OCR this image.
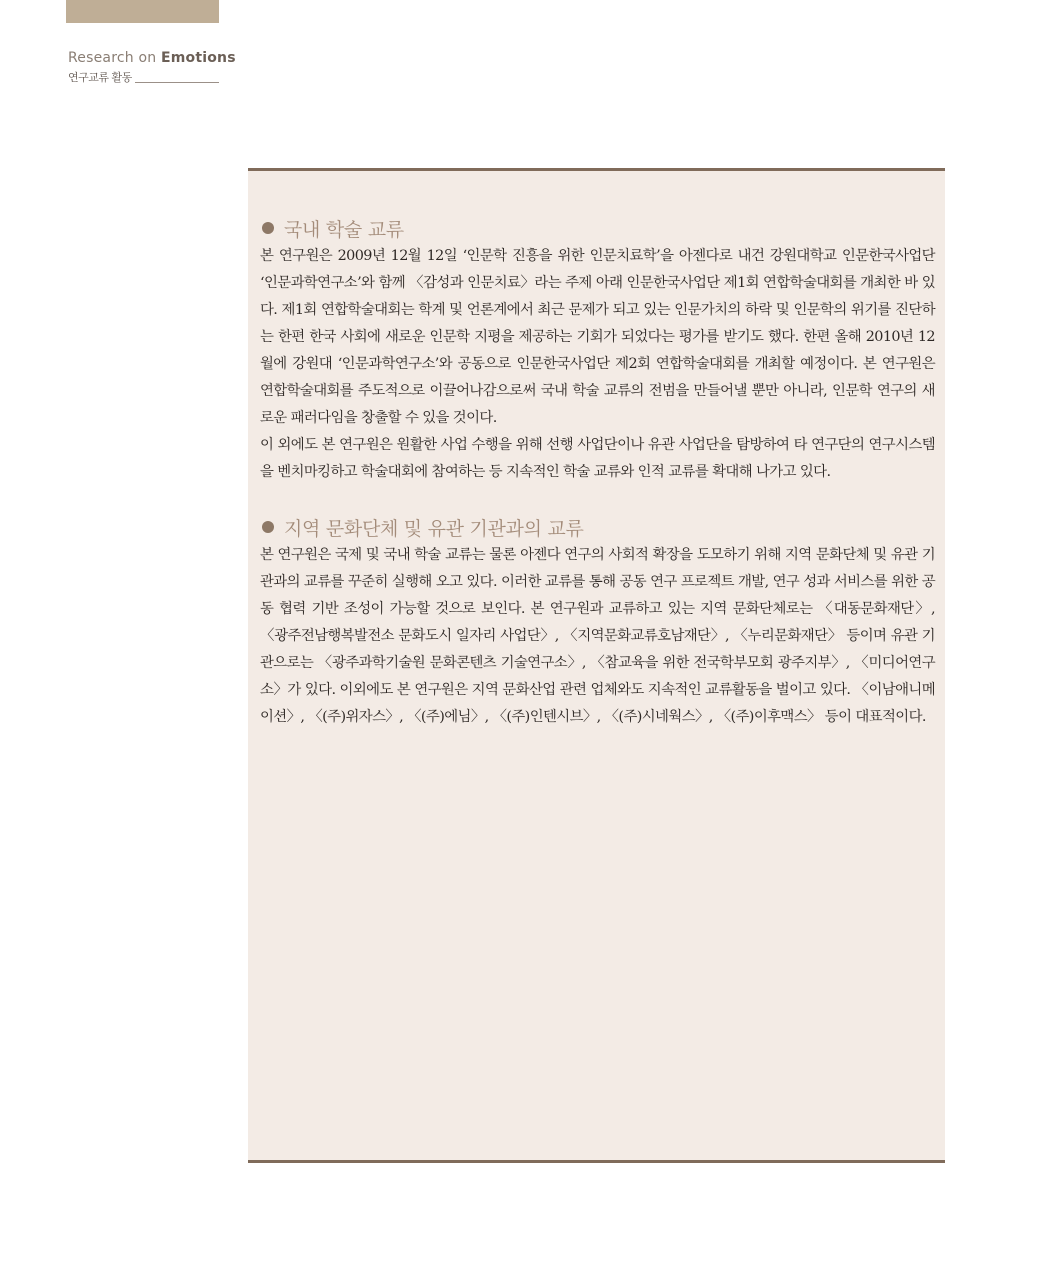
Research on Emotions
연구교류 활동
국내 학술 교류

본 연구원은 2009년 12월 12일 ‘인문학 진흥을 위한 인문치료학’을 아젠다로 내건 강원대학교 인문한국사업단 ‘인문과학연구소’와 함께 〈감성과 인문치료〉라는 주제 아래 인문한국사업단 제1회 연합학술대회를 개최한 바 있다. 제1회 연합학술대회는 학계 및 언론계에서 최근 문제가 되고 있는 인문가치의 하락 및 인문학의 위기를 진단하는 한편 한국 사회에 새로운 인문학 지평을 제공하는 기회가 되었다는 평가를 받기도 했다. 한편 올해 2010년 12월에 강원대 ‘인문과학연구소’와 공동으로 인문한국사업단 제2회 연합학술대회를 개최할 예정이다. 본 연구원은 연합학술대회를 주도적으로 이끌어나감으로써 국내 학술 교류의 전범을 만들어낼 뿐만 아니라, 인문학 연구의 새로운 패러다임을 창출할 수 있을 것이다.

이 외에도 본 연구원은 원활한 사업 수행을 위해 선행 사업단이나 유관 사업단을 탐방하여 타 연구단의 연구시스템을 벤치마킹하고 학술대회에 참여하는 등 지속적인 학술 교류와 인적 교류를 확대해 나가고 있다.

지역 문화단체 및 유관 기관과의 교류

본 연구원은 국제 및 국내 학술 교류는 물론 아젠다 연구의 사회적 확장을 도모하기 위해 지역 문화단체 및 유관 기관과의 교류를 꾸준히 실행해 오고 있다. 이러한 교류를 통해 공동 연구 프로젝트 개발, 연구 성과 서비스를 위한 공동 협력 기반 조성이 가능할 것으로 보인다. 본 연구원과 교류하고 있는 지역 문화단체로는 〈대동문화재단〉, 〈광주전남행복발전소 문화도시 일자리 사업단〉, 〈지역문화교류호남재단〉, 〈누리문화재단〉 등이며 유관 기관으로는 〈광주과학기술원 문화콘텐츠 기술연구소〉, 〈참교육을 위한 전국학부모회 광주지부〉, 〈미디어연구소〉가 있다. 이외에도 본 연구원은 지역 문화산업 관련 업체와도 지속적인 교류활동을 벌이고 있다. 〈이남애니메이션〉, 〈(주)위자스〉, 〈(주)에님〉, 〈(주)인텐시브〉, 〈(주)시네웍스〉, 〈(주)이후맥스〉 등이 대표적이다.
